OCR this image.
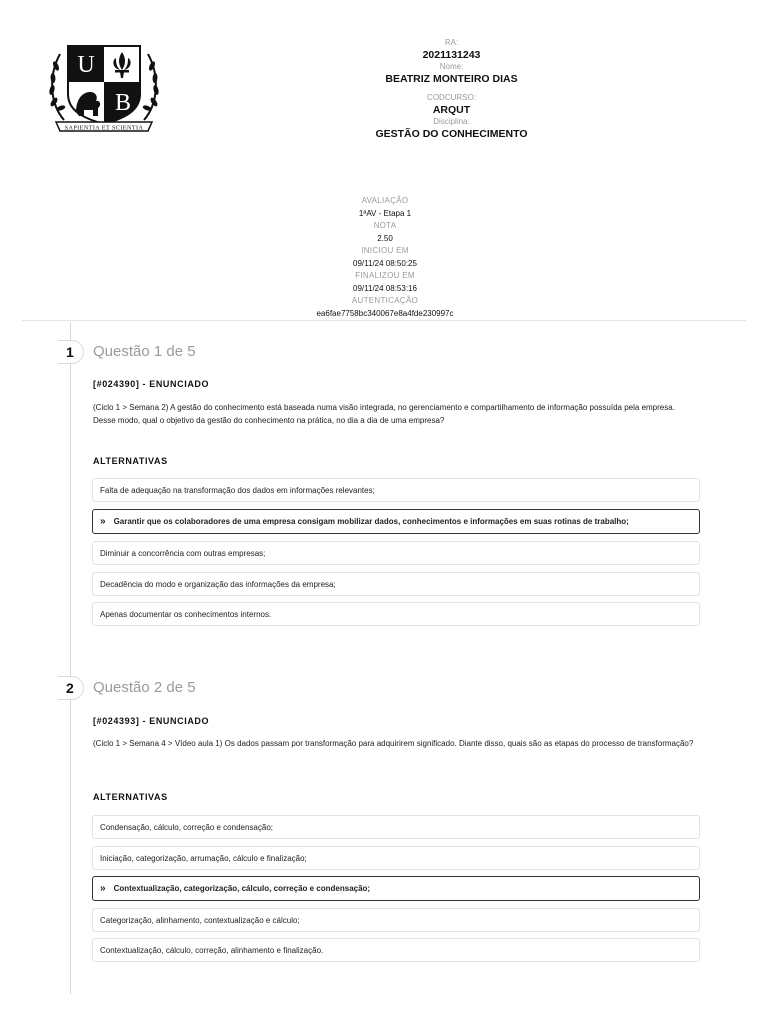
U
B
SAPIENTIA ET SCIENTIA
RA:
2021131243
Nome:
BEATRIZ MONTEIRO DIAS
CODCURSO:
ARQUT
Disciplina:
GESTÃO DO CONHECIMENTO
AVALIAÇÃO
1ªAV - Etapa 1
NOTA
2.50
INICIOU EM
09/11/24 08:50:25
FINALIZOU EM
09/11/24 08:53:16
AUTENTICAÇÃO
ea6fae7758bc340067e8a4fde230997c
1	Questão 1 de 5
[#024390] - ENUNCIADO
(Ciclo 1 > Semana 2) A gestão do conhecimento está baseada numa visão integrada, no gerenciamento e compartilhamento de informação possuída pela empresa. Desse modo, qual o objetivo da gestão do conhecimento na prática, no dia a dia de uma empresa?
ALTERNATIVAS
Falta de adequação na transformação dos dados em informações relevantes;
» Garantir que os colaboradores de uma empresa consigam mobilizar dados, conhecimentos e informações em suas rotinas de trabalho;
Diminuir a concorrência com outras empresas;
Decadência do modo e organização das informações da empresa;
Apenas documentar os conhecimentos internos.
2	Questão 2 de 5
[#024393] - ENUNCIADO
(Ciclo 1 > Semana 4 > Vídeo aula 1) Os dados passam por transformação para adquirirem significado. Diante disso, quais são as etapas do processo de transformação?
ALTERNATIVAS
Condensação, cálculo, correção e condensação;
Iniciação, categorização, arrumação, cálculo e finalização;
» Contextualização, categorização, cálculo, correção e condensação;
Categorização, alinhamento, contextualização e cálculo;
Contextualização, cálculo, correção, alinhamento e finalização.
